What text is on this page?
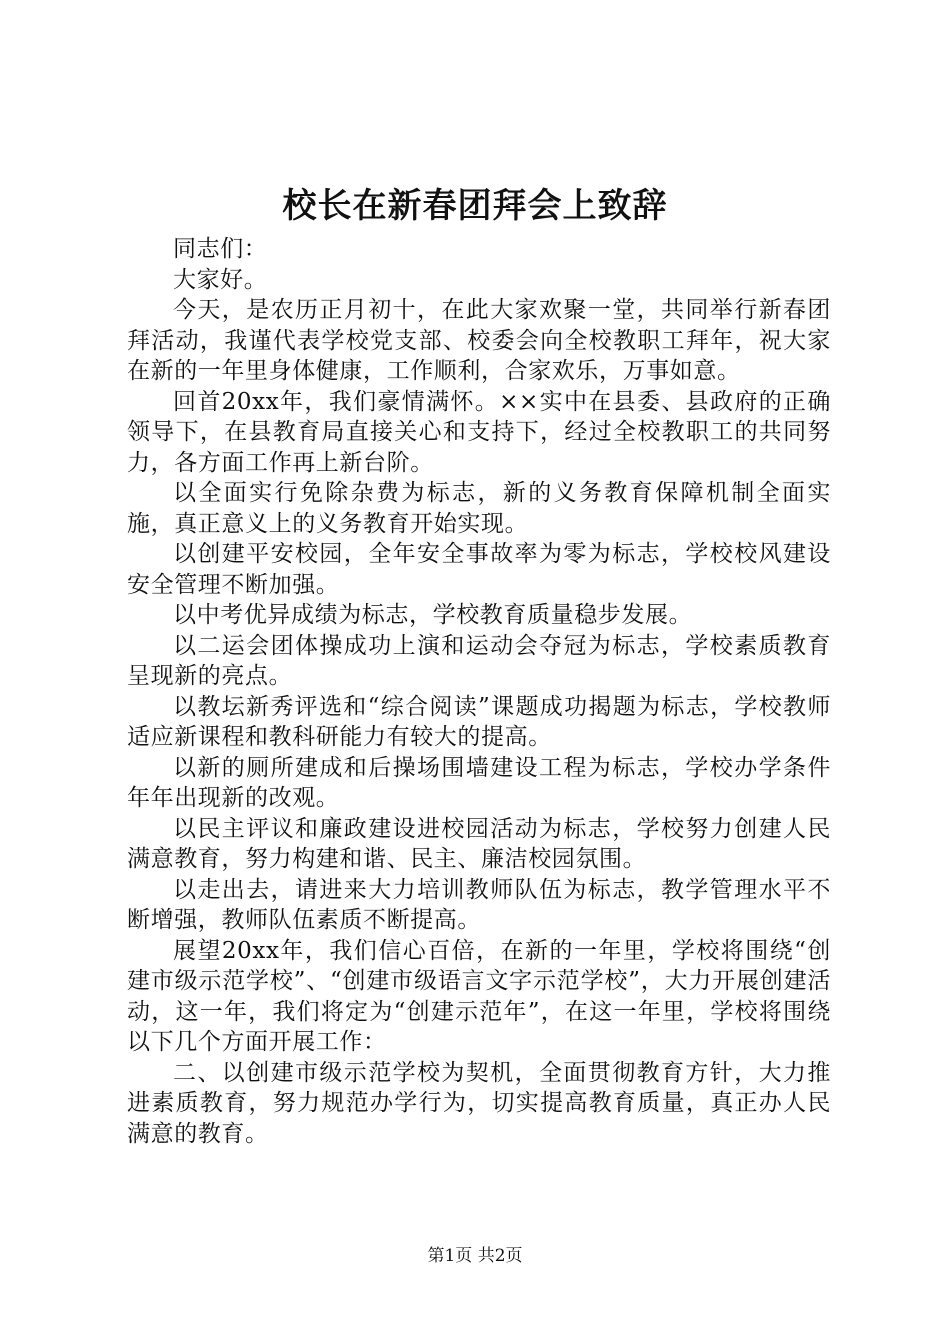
校长在新春团拜会上致辞

同志们：

大家好。

今天，是农历正月初十，在此大家欢聚一堂，共同举行新春团拜活动，我谨代表学校党支部、校委会向全校教职工拜年，祝大家在新的一年里身体健康，工作顺利，合家欢乐，万事如意。

回首20xx年，我们豪情满怀。××实中在县委、县政府的正确领导下，在县教育局直接关心和支持下，经过全校教职工的共同努力，各方面工作再上新台阶。

以全面实行免除杂费为标志，新的义务教育保障机制全面实施，真正意义上的义务教育开始实现。

以创建平安校园，全年安全事故率为零为标志，学校校风建设安全管理不断加强。

以中考优异成绩为标志，学校教育质量稳步发展。

以二运会团体操成功上演和运动会夺冠为标志，学校素质教育呈现新的亮点。

以教坛新秀评选和“综合阅读”课题成功揭题为标志，学校教师适应新课程和教科研能力有较大的提高。

以新的厕所建成和后操场围墙建设工程为标志，学校办学条件年年出现新的改观。

以民主评议和廉政建设进校园活动为标志，学校努力创建人民满意教育，努力构建和谐、民主、廉洁校园氛围。

以走出去，请进来大力培训教师队伍为标志，教学管理水平不断增强，教师队伍素质不断提高。

展望20xx年，我们信心百倍，在新的一年里，学校将围绕“创建市级示范学校”、“创建市级语言文字示范学校”，大力开展创建活动，这一年，我们将定为“创建示范年”，在这一年里，学校将围绕以下几个方面开展工作：

二、以创建市级示范学校为契机，全面贯彻教育方针，大力推进素质教育，努力规范办学行为，切实提高教育质量，真正办人民满意的教育。

第1页 共2页
